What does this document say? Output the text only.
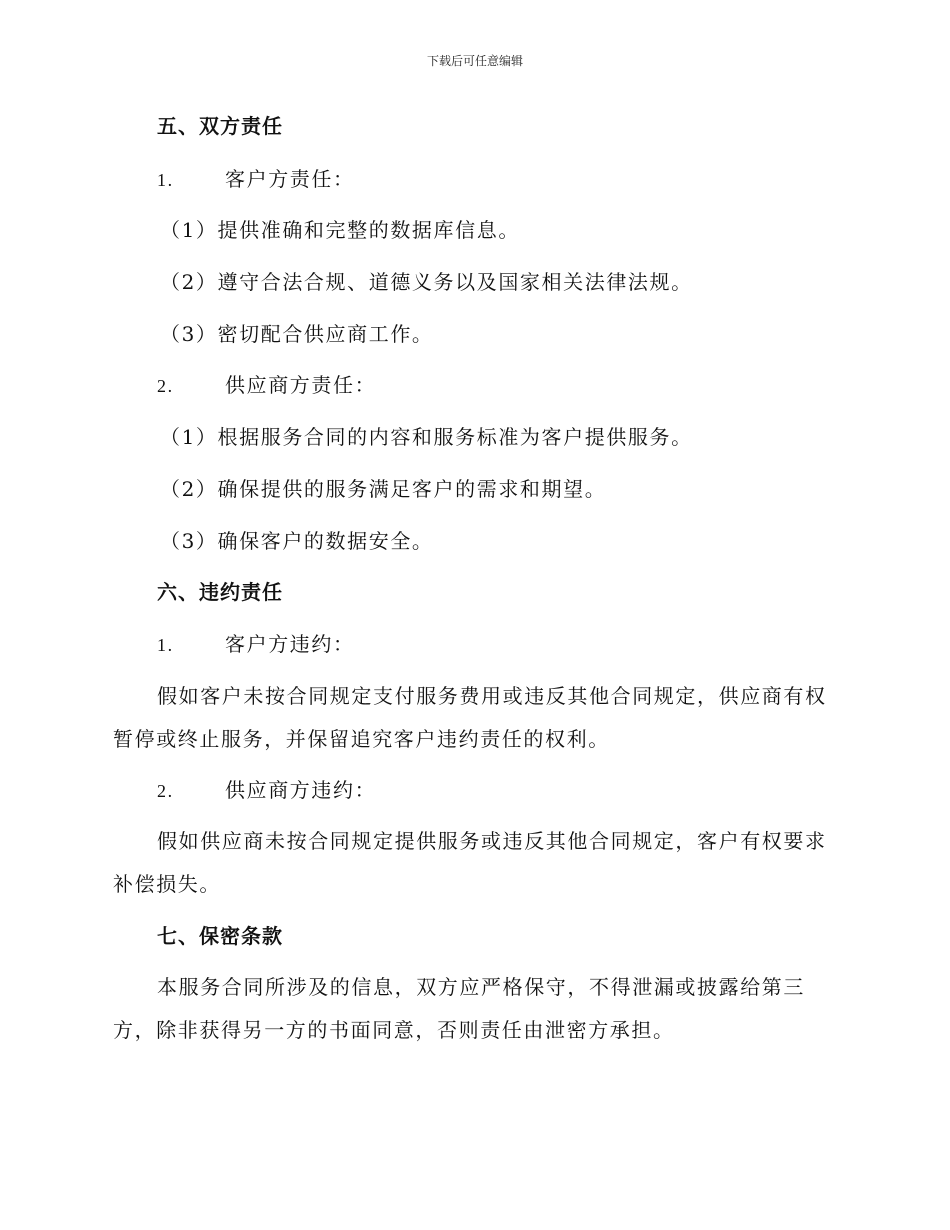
下载后可任意编辑
五、双方责任
1.	客户方责任：
（1）提供准确和完整的数据库信息。
（2）遵守合法合规、道德义务以及国家相关法律法规。
（3）密切配合供应商工作。
2.	供应商方责任：
（1）根据服务合同的内容和服务标准为客户提供服务。
（2）确保提供的服务满足客户的需求和期望。
（3）确保客户的数据安全。
六、违约责任
1.	客户方违约：
假如客户未按合同规定支付服务费用或违反其他合同规定，供应商有权
暂停或终止服务，并保留追究客户违约责任的权利。
2.	供应商方违约：
假如供应商未按合同规定提供服务或违反其他合同规定，客户有权要求
补偿损失。
七、保密条款
本服务合同所涉及的信息，双方应严格保守，不得泄漏或披露给第三
方，除非获得另一方的书面同意，否则责任由泄密方承担。
